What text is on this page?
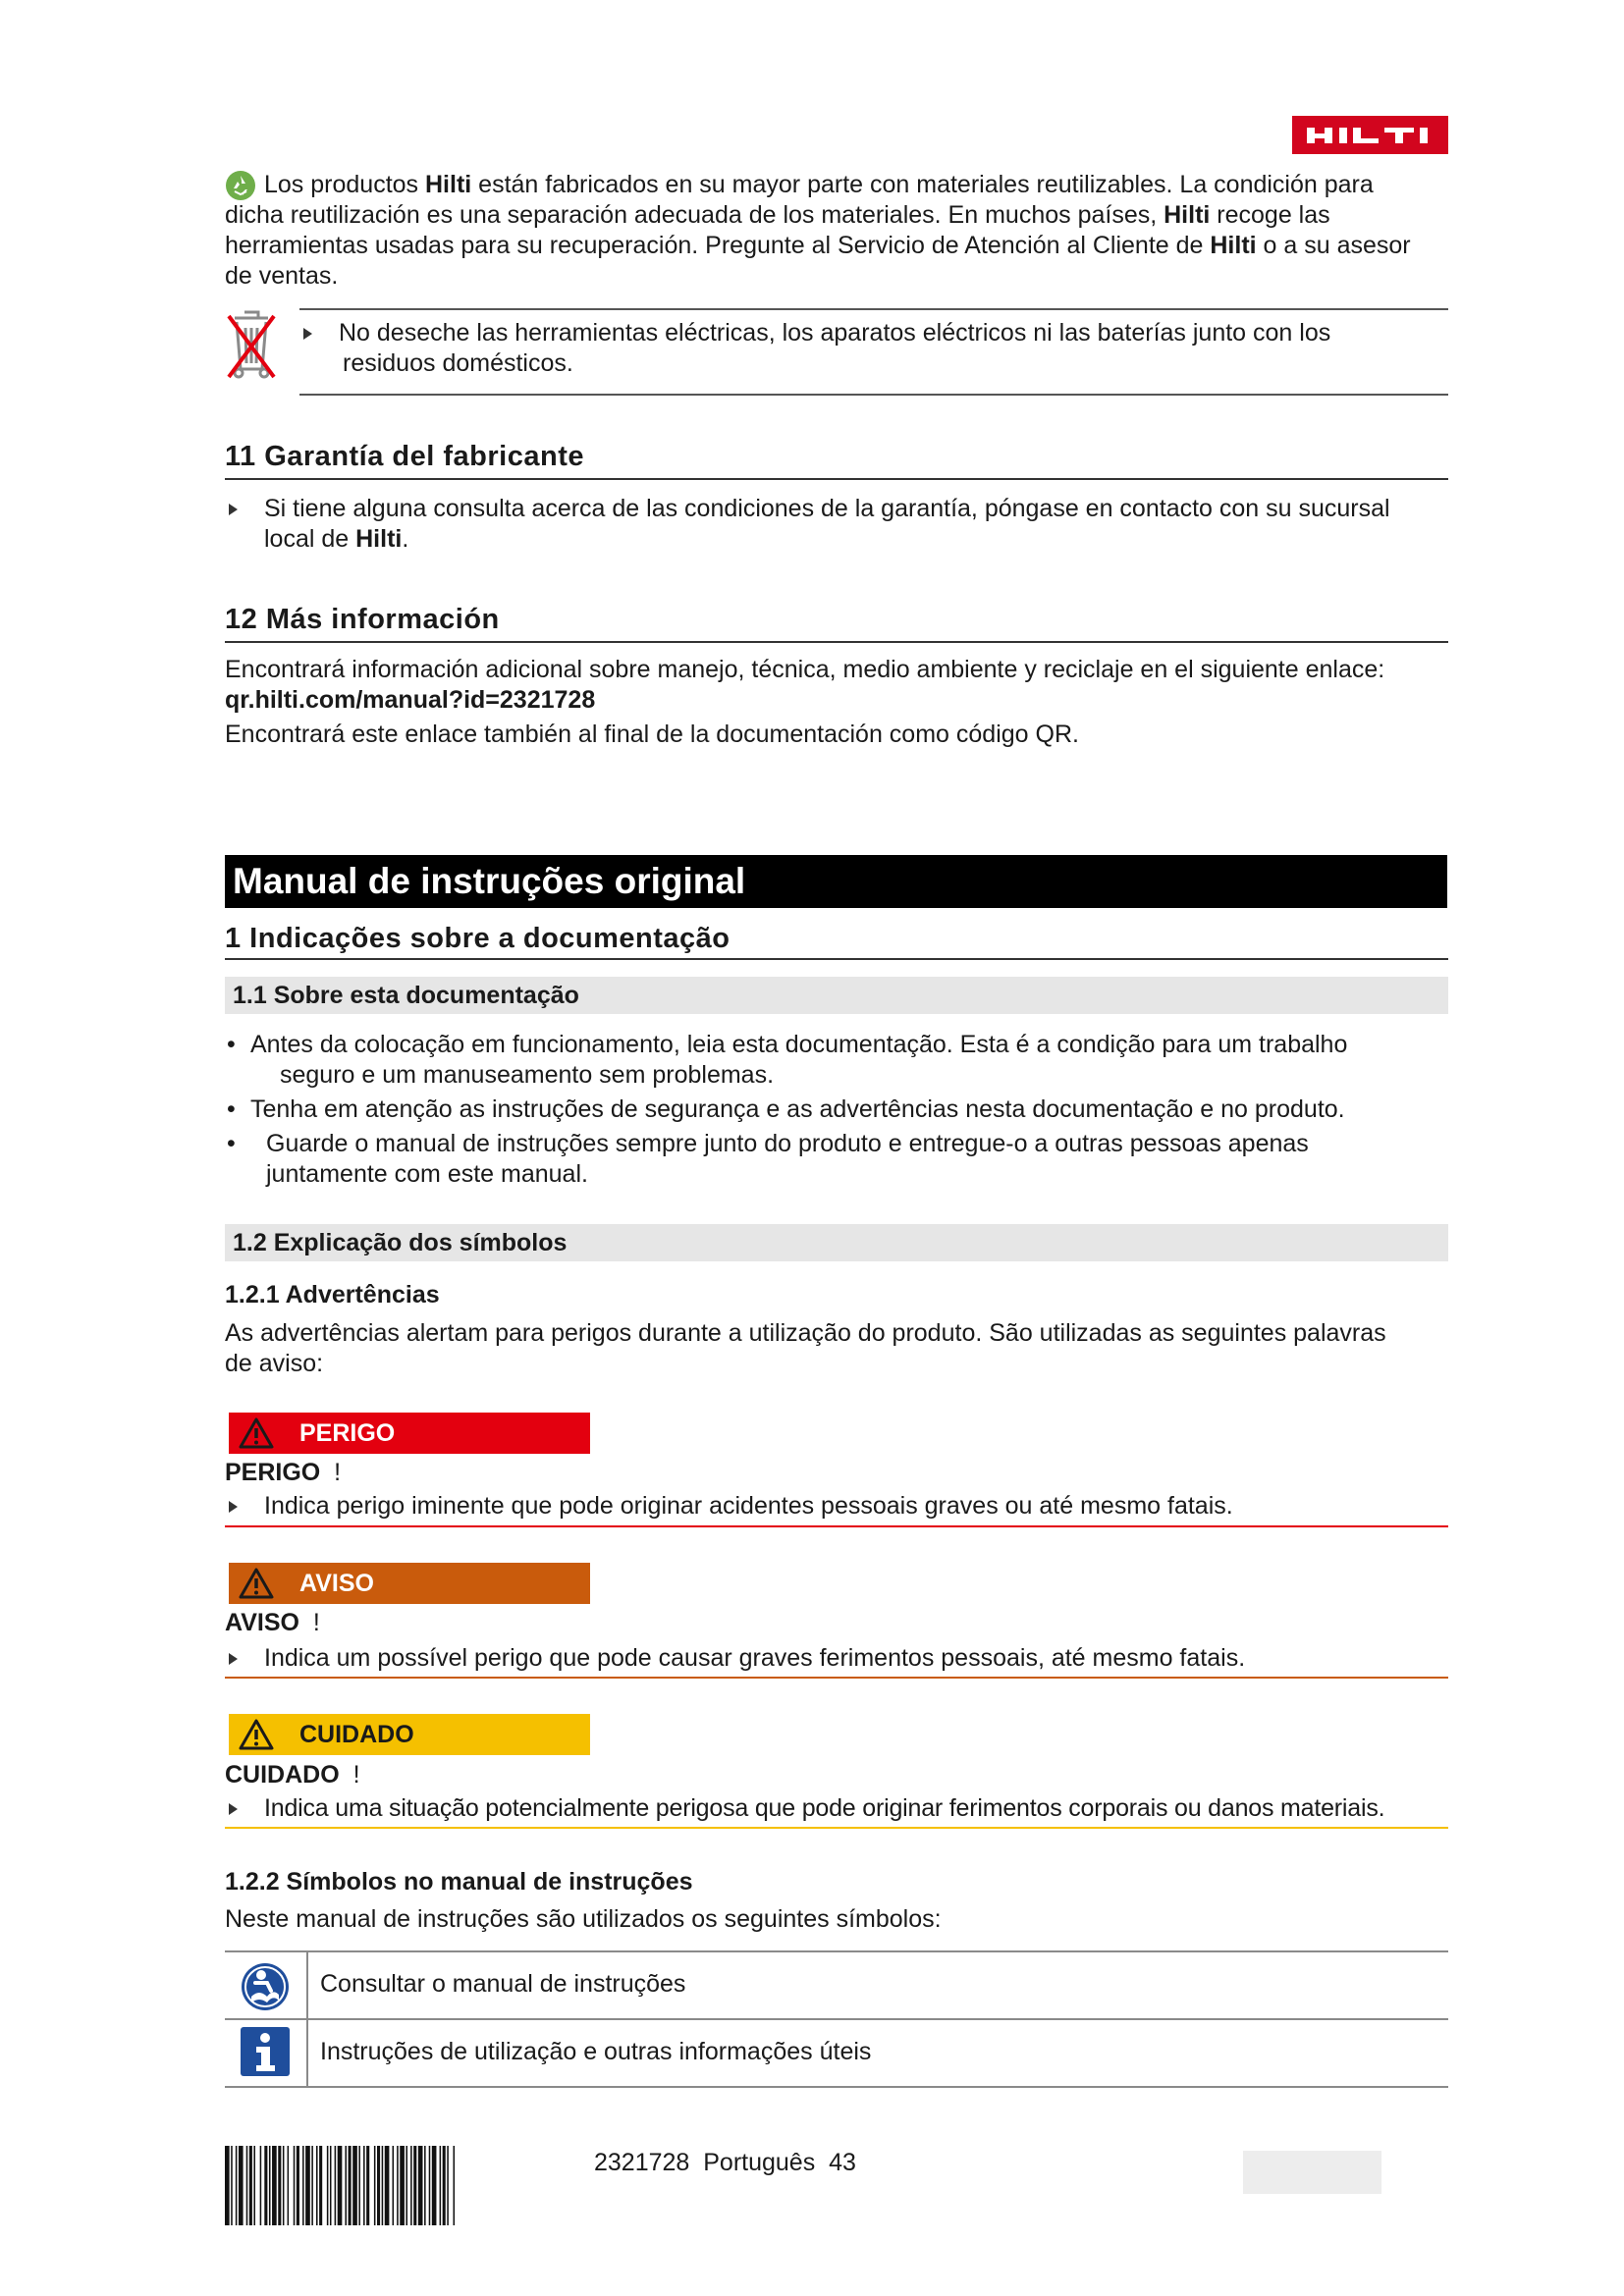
Los productos Hilti están fabricados en su mayor parte con materiales reutilizables. La condición para
dicha reutilización es una separación adecuada de los materiales. En muchos países, Hilti recoge las
herramientas usadas para su recuperación. Pregunte al Servicio de Atención al Cliente de Hilti o a su asesor
de ventas.
No deseche las herramientas eléctricas, los aparatos eléctricos ni las baterías junto con los
residuos domésticos.
11 Garantía del fabricante
Si tiene alguna consulta acerca de las condiciones de la garantía, póngase en contacto con su sucursal
local de Hilti.
12 Más información
Encontrará información adicional sobre manejo, técnica, medio ambiente y reciclaje en el siguiente enlace:
qr.hilti.com/manual?id=2321728
Encontrará este enlace también al final de la documentación como código QR.
Manual de instruções original
1 Indicações sobre a documentação
1.1 Sobre esta documentação
• Antes da colocação em funcionamento, leia esta documentação. Esta é a condição para um trabalho
seguro e um manuseamento sem problemas.
• Tenha em atenção as instruções de segurança e as advertências nesta documentação e no produto.
• Guarde o manual de instruções sempre junto do produto e entregue-o a outras pessoas apenas
juntamente com este manual.
1.2 Explicação dos símbolos
1.2.1 Advertências
As advertências alertam para perigos durante a utilização do produto. São utilizadas as seguintes palavras
de aviso:
PERIGO
PERIGO !
Indica perigo iminente que pode originar acidentes pessoais graves ou até mesmo fatais.
AVISO
AVISO !
Indica um possível perigo que pode causar graves ferimentos pessoais, até mesmo fatais.
CUIDADO
CUIDADO !
Indica uma situação potencialmente perigosa que pode originar ferimentos corporais ou danos materiais.
1.2.2 Símbolos no manual de instruções
Neste manual de instruções são utilizados os seguintes símbolos:
Consultar o manual de instruções
Instruções de utilização e outras informações úteis
2321728 Português 43
